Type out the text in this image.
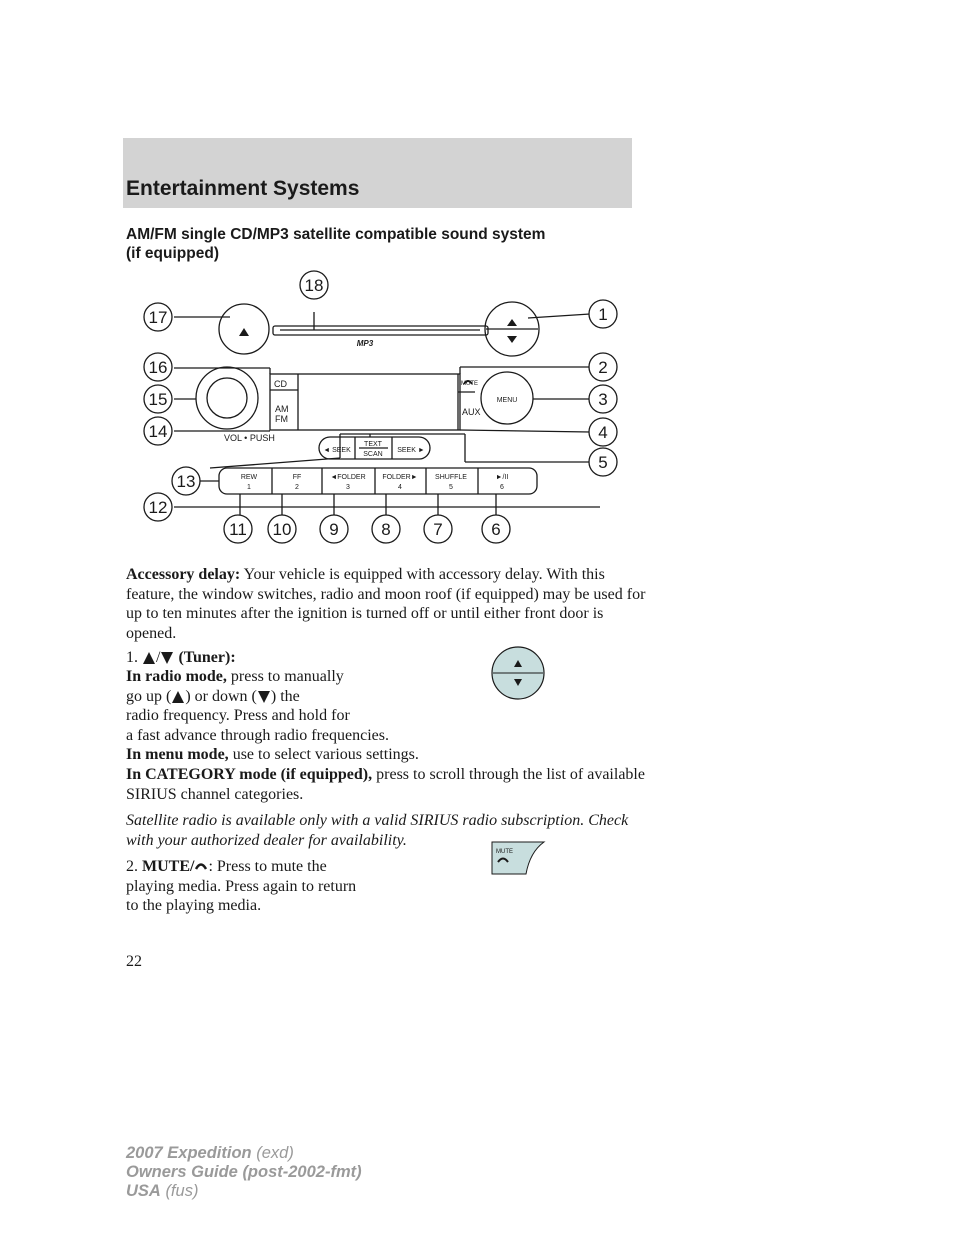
Entertainment Systems
AM/FM single CD/MP3 satellite compatible sound system
(if equipped)
MP3
CD
AM
FM
VOL • PUSH
MUTE
MENU
AUX
◄ SEEK
TEXT
SCAN
SEEK ►
REW
1
FF
2
◄FOLDER
3
FOLDER►
4
SHUFFLE
5
►/II
6
1
2
3
4
5
6
7
8
9
10
11
12
13
14
15
16
17
18
Accessory delay: Your vehicle is equipped with accessory delay. With this feature, the window switches, radio and moon roof (if equipped) may be used for up to ten minutes after the ignition is turned off or until either front door is opened.
1. / (Tuner):
In radio mode, press to manually
go up ( ) or down ( ) the
radio frequency. Press and hold for
a fast advance through radio frequencies.
In menu mode, use to select various settings.
In CATEGORY mode (if equipped), press to scroll through the list of available SIRIUS channel categories.
Satellite radio is available only with a valid SIRIUS radio subscription. Check with your authorized dealer for availability.
2. MUTE/ : Press to mute the
playing media. Press again to return
to the playing media.
MUTE
22
2007 Expedition (exd)
Owners Guide (post-2002-fmt)
USA (fus)
